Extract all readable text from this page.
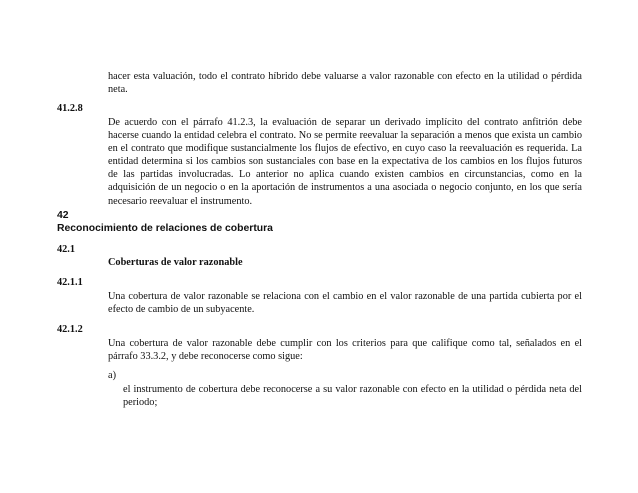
hacer esta valuación, todo el contrato híbrido debe valuarse a valor razonable con efecto en la utilidad o pérdida neta.
41.2.8
De acuerdo con el párrafo 41.2.3, la evaluación de separar un derivado implícito del contrato anfitrión debe hacerse cuando la entidad celebra el contrato. No se permite reevaluar la separación a menos que exista un cambio en el contrato que modifique sustancialmente los flujos de efectivo, en cuyo caso la reevaluación es requerida. La entidad determina si los cambios son sustanciales con base en la expectativa de los cambios en los flujos futuros de las partidas involucradas. Lo anterior no aplica cuando existen cambios en circunstancias, como en la adquisición de un negocio o en la aportación de instrumentos a una asociada o negocio conjunto, en los que sería necesario reevaluar el instrumento.
42
Reconocimiento de relaciones de cobertura
42.1
Coberturas de valor razonable
42.1.1
Una cobertura de valor razonable se relaciona con el cambio en el valor razonable de una partida cubierta por el efecto de cambio de un subyacente.
42.1.2
Una cobertura de valor razonable debe cumplir con los criterios para que califique como tal, señalados en el párrafo 33.3.2, y debe reconocerse como sigue:
a)
el instrumento de cobertura debe reconocerse a su valor razonable con efecto en la utilidad o pérdida neta del periodo;
